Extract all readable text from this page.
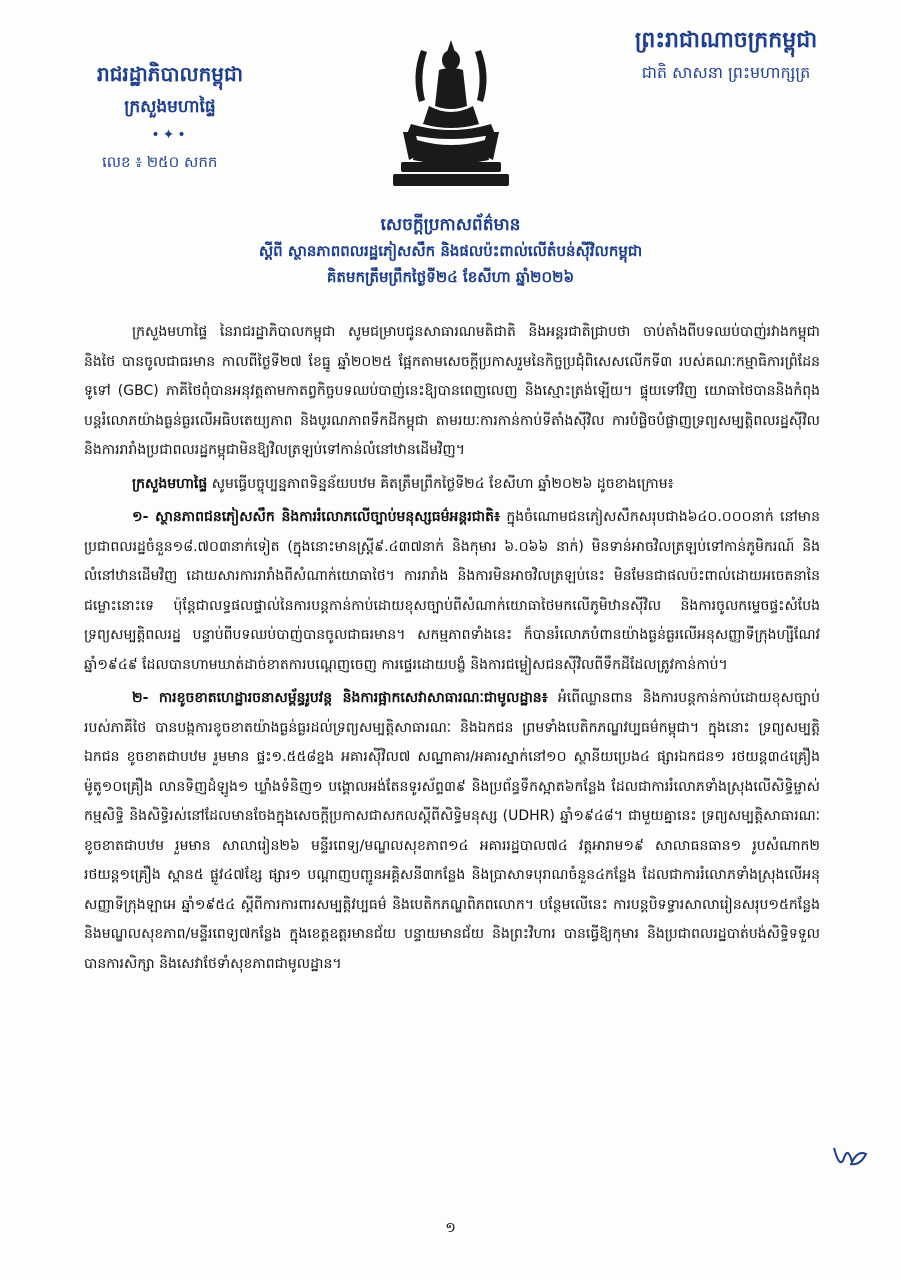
ព្រះរាជាណាចក្រកម្ពុជា
ជាតិ សាសនា ព្រះមហាក្សត្រ
រាជរដ្ឋាភិបាលកម្ពុជា
ក្រសួងមហាផ្ទៃ
•✦•
លេខ ៖ ២៥០ សកក
សេចក្តីប្រកាសព័ត៌មាន
ស្តីពី ស្ថានភាពពលរដ្ឋភៀសសឹក និងផលប៉ះពាល់លើតំបន់ស៊ីវិលកម្ពុជា
គិតមកត្រឹមព្រឹកថ្ងៃទី២៤ ខែសីហា ឆ្នាំ២០២៦

ក្រសួងមហាផ្ទៃ នៃរាជរដ្ឋាភិបាលកម្ពុជា សូមជម្រាបជូនសាធារណមតិជាតិ និងអន្តរជាតិជ្រាបថា ចាប់តាំងពីបទឈប់បាញ់រវាងកម្ពុជា និងថៃ បានចូលជាធរមាន កាលពីថ្ងៃទី២៧ ខែធ្នូ ឆ្នាំ២០២៥ ផ្អែកតាមសេចក្តីប្រកាសរួមនៃកិច្ចប្រជុំពិសេសលើកទី៣ របស់គណៈកម្មាធិការព្រំដែនទូទៅ (GBC) ភាគីថៃពុំបានអនុវត្តតាមកាតព្វកិច្ចបទឈប់បាញ់នេះឱ្យបានពេញលេញ និងស្មោះត្រង់ឡើយ។ ផ្ទុយទៅវិញ យោធាថៃបាននិងកំពុងបន្តរំលោភយ៉ាងធ្ងន់ធ្ងរលើអធិបតេយ្យភាព និងបូរណភាពទឹកដីកម្ពុជា តាមរយៈការកាន់កាប់ទីតាំងស៊ីវិល ការបំផ្លិចបំផ្លាញទ្រព្យសម្បត្តិពលរដ្ឋស៊ីវិល និងការរារាំងប្រជាពលរដ្ឋកម្ពុជាមិនឱ្យវិលត្រឡប់ទៅកាន់លំនៅឋានដើមវិញ។

ក្រសួងមហាផ្ទៃ សូមធ្វើបច្ចុប្បន្នភាពទិន្នន័យបឋម គិតត្រឹមព្រឹកថ្ងៃទី២៤ ខែសីហា ឆ្នាំ២០២៦ ដូចខាងក្រោម៖

១- ស្ថានភាពជនភៀសសឹក និងការរំលោភលើច្បាប់មនុស្សធម៌អន្តរជាតិ៖ ក្នុងចំណោមជនភៀសសឹកសរុបជាង៦៤០.០០០នាក់ នៅមានប្រជាពលរដ្ឋចំនួន១៨.៧០៣នាក់ទៀត (ក្នុងនោះមានស្ត្រី៩.៤៣៧នាក់ និងកុមារ ៦.០៦៦ នាក់) មិនទាន់អាចវិលត្រឡប់ទៅកាន់ភូមិករណ៍ និងលំនៅឋានដើមវិញ ដោយសារការរារាំងពីសំណាក់យោធាថៃ។ ការរារាំង និងការមិនអាចវិលត្រឡប់នេះ មិនមែនជាផលប៉ះពាល់ដោយអចេតនានៃជម្លោះនោះទេ ប៉ុន្តែជាលទ្ធផលផ្ទាល់នៃការបន្តកាន់កាប់ដោយខុសច្បាប់ពីសំណាក់យោធាថៃមកលើភូមិឋានស៊ីវិល និងការចូលកម្ទេចផ្ទះសំបែង ទ្រព្យសម្បត្តិពលរដ្ឋ បន្ទាប់ពីបទឈប់បាញ់បានចូលជាធរមាន។ សកម្មភាពទាំងនេះ ក៏បានរំលោភបំពានយ៉ាងធ្ងន់ធ្ងរលើអនុសញ្ញាទីក្រុងហ្សឺណែវ ឆ្នាំ១៩៤៩ ដែលបានហាមឃាត់ដាច់ខាតការបណ្តេញចេញ ការផ្ទេរដោយបង្ខំ និងការជម្លៀសជនស៊ីវិលពីទឹកដីដែលត្រូវកាន់កាប់។

២- ការខូចខាតហេដ្ឋារចនាសម្ព័ន្ធរូបវន្ត និងការផ្អាកសេវាសាធារណៈជាមូលដ្ឋាន៖ អំពើឈ្លានពាន និងការបន្តកាន់កាប់ដោយខុសច្បាប់របស់ភាគីថៃ បានបង្កការខូចខាតយ៉ាងធ្ងន់ធ្ងរដល់ទ្រព្យសម្បត្តិសាធារណៈ និងឯកជន ព្រមទាំងបេតិកភណ្ឌវប្បធម៌កម្ពុជា។ ក្នុងនោះ ទ្រព្យសម្បត្តិឯកជន ខូចខាតជាបឋម រួមមាន ផ្ទះ១.៥៥៨ខ្នង អគារស៊ីវិល៧ សណ្ឋាគារ/អគារស្នាក់នៅ១០ ស្ថានីយប្រេង៤ ផ្សារឯកជន១ រថយន្ត៣៤គ្រឿង ម៉ូតូ១០គ្រឿង លានទិញដំឡូង១ ឃ្លាំងទំនិញ១ បង្គោលអង់តែនទូរស័ព្ទ៣៩ និងប្រព័ន្ធទឹកស្អាត៦កន្លែង ដែលជាការរំលោភទាំងស្រុងលើសិទ្ធិម្ចាស់កម្មសិទ្ធិ និងសិទ្ធិរស់នៅដែលមានចែងក្នុងសេចក្តីប្រកាសជាសកលស្តីពីសិទ្ធិមនុស្ស (UDHR) ឆ្នាំ១៩៤៨។ ជាមួយគ្នានេះ ទ្រព្យសម្បត្តិសាធារណៈ ខូចខាតជាបឋម រួមមាន សាលារៀន២៦ មន្ទីរពេទ្យ/មណ្ឌលសុខភាព១៤ អគាររដ្ឋបាល៧៤ វត្តអារាម១៩ សាលាធនធាន១ រូបសំណាក២ រថយន្ត១គ្រឿង ស្ពាន៥ ផ្លូវ៤៧ខ្សែ ផ្សារ១ បណ្តាញបញ្ជូនអគ្គិសនី៣កន្លែង និងប្រាសាទបុរាណចំនួន៤កន្លែង ដែលជាការរំលោភទាំងស្រុងលើអនុសញ្ញាទីក្រុងឡាអេ ឆ្នាំ១៩៥៤ ស្តីពីការការពារសម្បត្តិវប្បធម៌ និងបេតិកភណ្ឌពិភពលោក។ បន្ថែមលើនេះ ការបន្តបិទទ្វារសាលារៀនសរុប១៥កន្លែង និងមណ្ឌលសុខភាព/មន្ទីរពេទ្យ៧កន្លែង ក្នុងខេត្តឧត្តរមានជ័យ បន្ទាយមានជ័យ និងព្រះវិហារ បានធ្វើឱ្យកុមារ និងប្រជាពលរដ្ឋបាត់បង់សិទ្ធិទទួលបានការសិក្សា និងសេវាថែទាំសុខភាពជាមូលដ្ឋាន។

១
